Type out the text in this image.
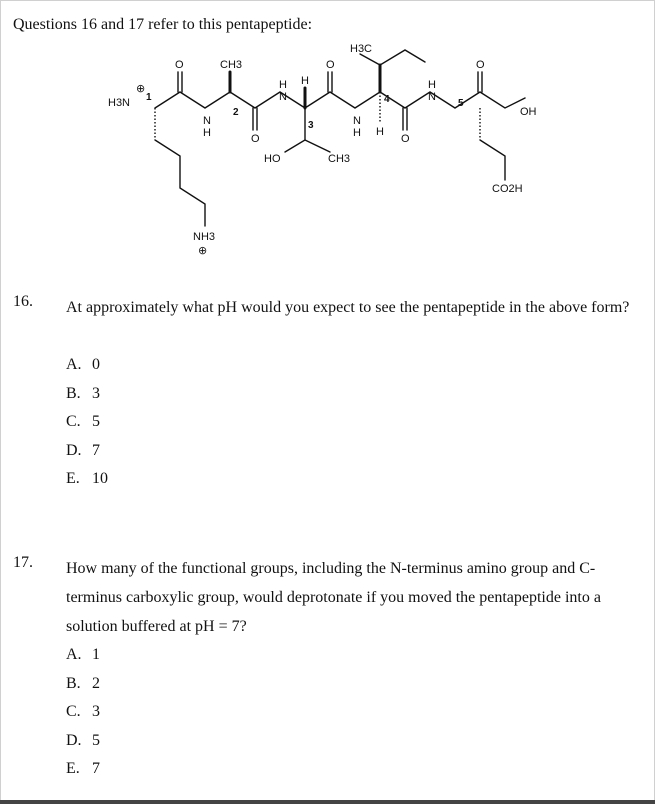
Questions 16 and 17 refer to this pentapeptide:
H3N
⊕
1
O
N
H
2
CH3
O
H
N
H
3
HO	CH3
O
N
H
H3C
4
H
O
H
N
5
O
OH
CO2H
NH3
⊕
16. At approximately what pH would you expect to see the pentapeptide in the above form?
A. 0
B. 3
C. 5
D. 7
E. 10
17. How many of the functional groups, including the N-terminus amino group and C-terminus carboxylic group, would deprotonate if you moved the pentapeptide into a solution buffered at pH = 7?
A. 1
B. 2
C. 3
D. 5
E. 7
